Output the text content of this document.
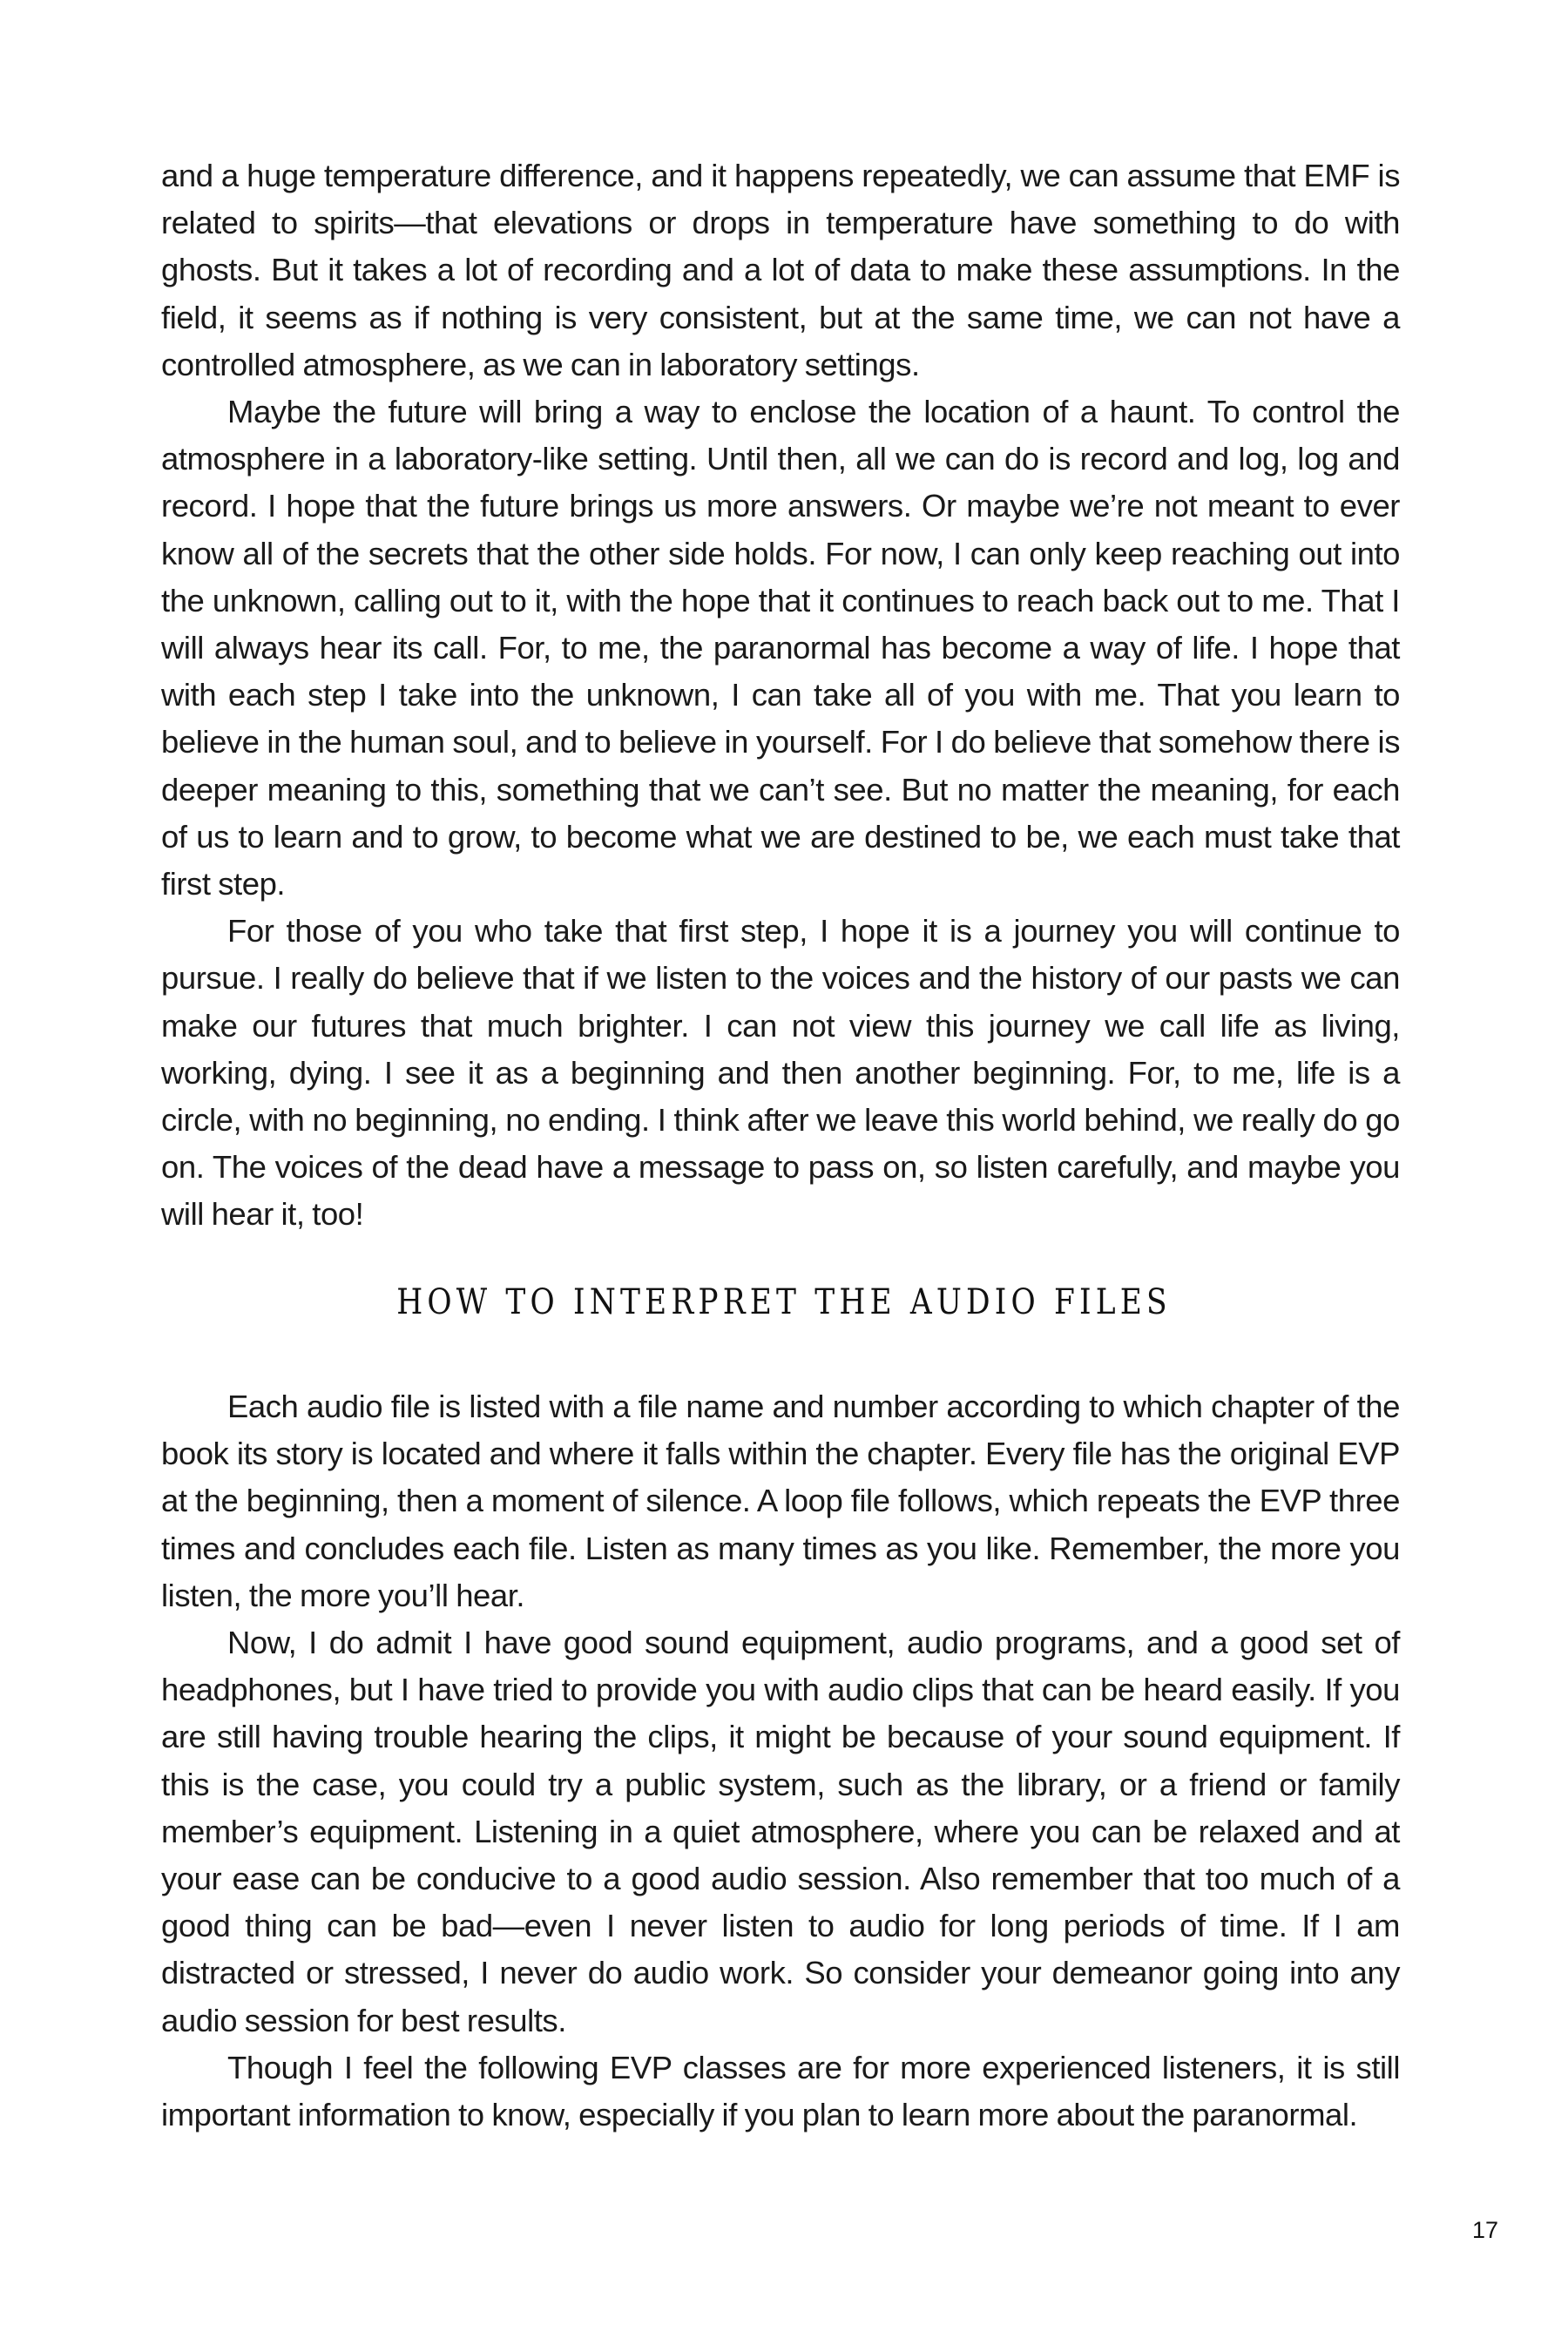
and a huge temperature difference, and it happens repeatedly, we can assume that EMF is related to spirits—that elevations or drops in temperature have something to do with ghosts. But it takes a lot of recording and a lot of data to make these assumptions. In the field, it seems as if nothing is very consistent, but at the same time, we can not have a controlled atmosphere, as we can in laboratory settings.

Maybe the future will bring a way to enclose the location of a haunt. To control the atmosphere in a laboratory-like setting. Until then, all we can do is record and log, log and record. I hope that the future brings us more answers. Or maybe we’re not meant to ever know all of the secrets that the other side holds. For now, I can only keep reaching out into the unknown, calling out to it, with the hope that it continues to reach back out to me. That I will always hear its call. For, to me, the paranormal has become a way of life. I hope that with each step I take into the unknown, I can take all of you with me. That you learn to believe in the human soul, and to believe in yourself. For I do believe that somehow there is deeper meaning to this, something that we can’t see. But no matter the meaning, for each of us to learn and to grow, to become what we are destined to be, we each must take that first step.

For those of you who take that first step, I hope it is a journey you will continue to pursue. I really do believe that if we listen to the voices and the history of our pasts we can make our futures that much brighter. I can not view this journey we call life as living, working, dying. I see it as a beginning and then another beginning. For, to me, life is a circle, with no beginning, no ending. I think after we leave this world behind, we really do go on. The voices of the dead have a message to pass on, so listen carefully, and maybe you will hear it, too!

HOW TO INTERPRET THE AUDIO FILES

Each audio file is listed with a file name and number according to which chapter of the book its story is located and where it falls within the chapter. Every file has the original EVP at the beginning, then a moment of silence. A loop file follows, which repeats the EVP three times and concludes each file. Listen as many times as you like. Remember, the more you listen, the more you’ll hear.

Now, I do admit I have good sound equipment, audio programs, and a good set of headphones, but I have tried to provide you with audio clips that can be heard easily. If you are still having trouble hearing the clips, it might be because of your sound equipment. If this is the case, you could try a public system, such as the library, or a friend or family member’s equipment. Listening in a quiet atmosphere, where you can be relaxed and at your ease can be conducive to a good audio session. Also remember that too much of a good thing can be bad—even I never listen to audio for long periods of time. If I am distracted or stressed, I never do audio work. So consider your demeanor going into any audio session for best results.

Though I feel the following EVP classes are for more experienced listeners, it is still important information to know, especially if you plan to learn more about the paranormal.

17
